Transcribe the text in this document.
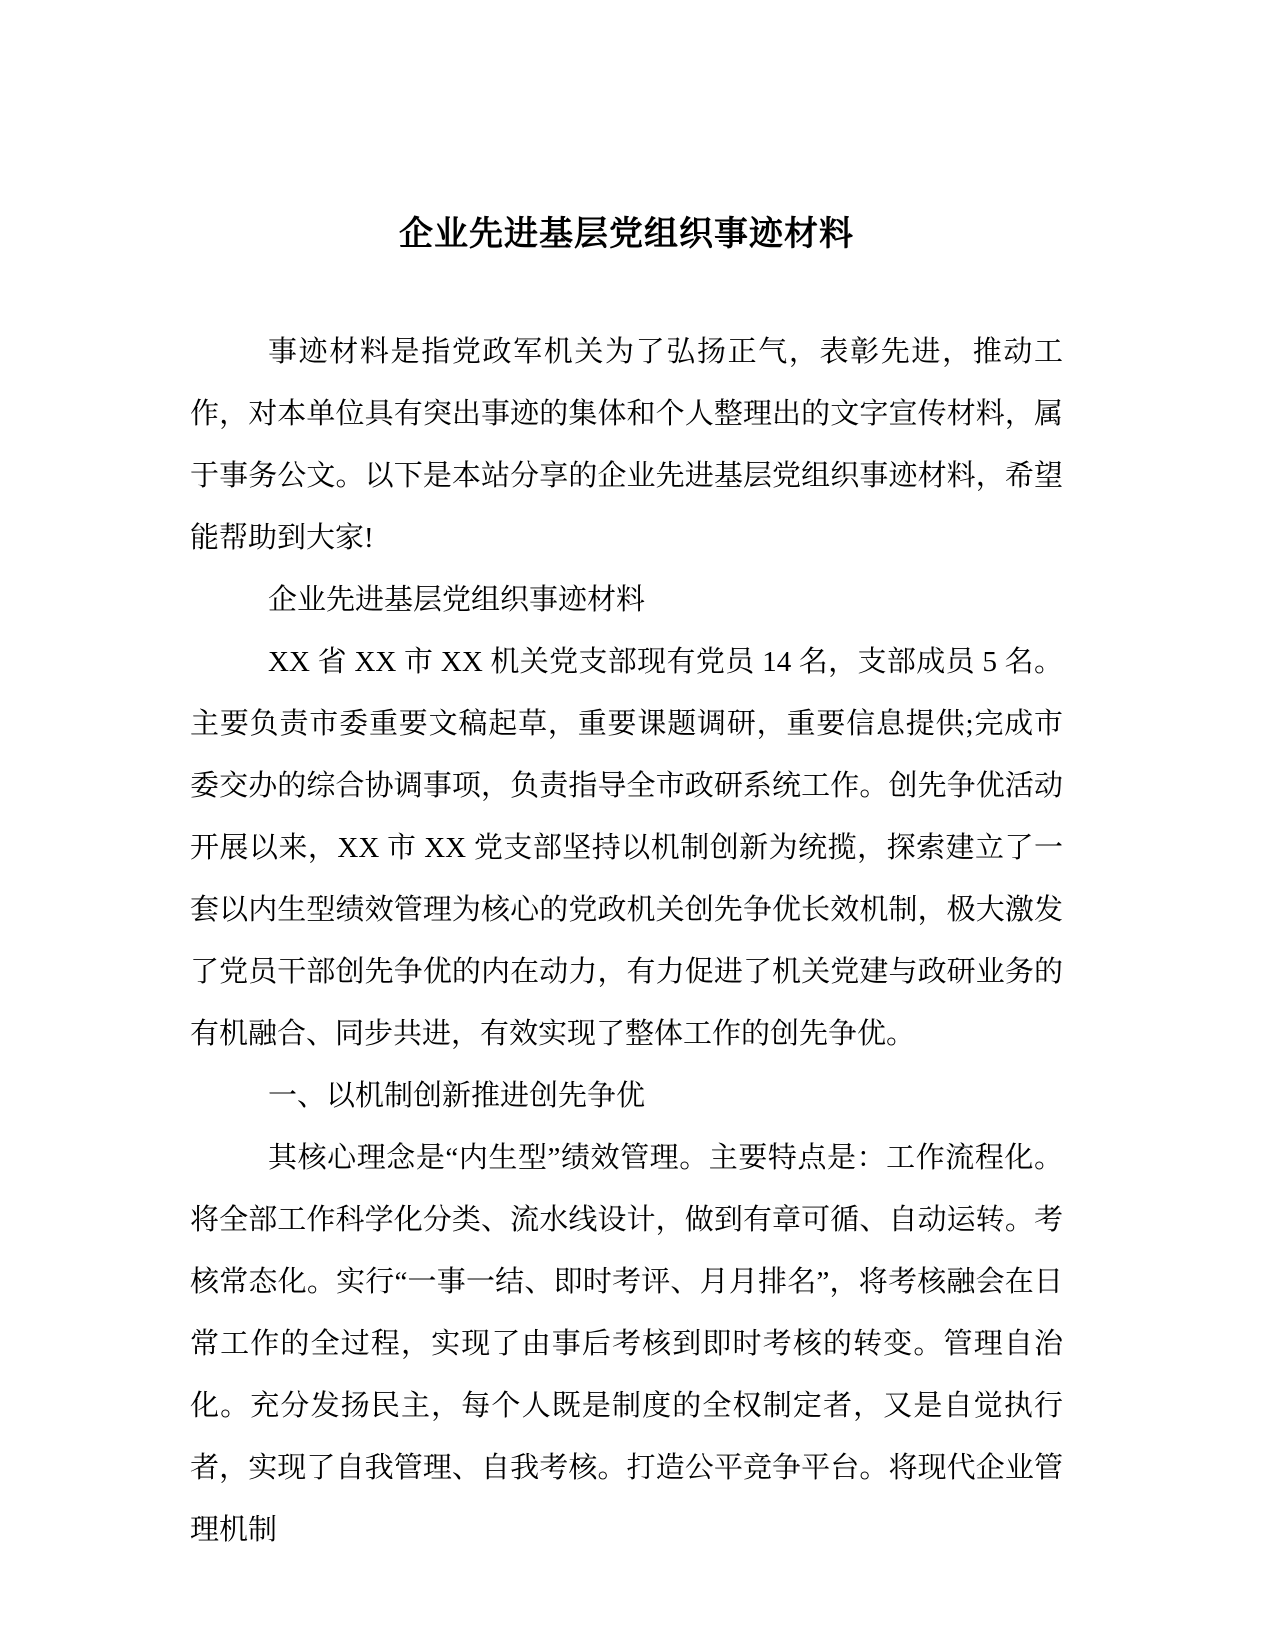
企业先进基层党组织事迹材料

事迹材料是指党政军机关为了弘扬正气，表彰先进，推动工作，对本单位具有突出事迹的集体和个人整理出的文字宣传材料，属于事务公文。以下是本站分享的企业先进基层党组织事迹材料，希望能帮助到大家!

企业先进基层党组织事迹材料

XX 省 XX 市 XX 机关党支部现有党员 14 名，支部成员 5 名。主要负责市委重要文稿起草，重要课题调研，重要信息提供;完成市委交办的综合协调事项，负责指导全市政研系统工作。创先争优活动开展以来，XX 市 XX 党支部坚持以机制创新为统揽，探索建立了一套以内生型绩效管理为核心的党政机关创先争优长效机制，极大激发了党员干部创先争优的内在动力，有力促进了机关党建与政研业务的有机融合、同步共进，有效实现了整体工作的创先争优。

一、以机制创新推进创先争优

其核心理念是“内生型”绩效管理。主要特点是：工作流程化。将全部工作科学化分类、流水线设计，做到有章可循、自动运转。考核常态化。实行“一事一结、即时考评、月月排名”，将考核融会在日常工作的全过程，实现了由事后考核到即时考核的转变。管理自治化。充分发扬民主，每个人既是制度的全权制定者，又是自觉执行者，实现了自我管理、自我考核。打造公平竞争平台。将现代企业管理机制
